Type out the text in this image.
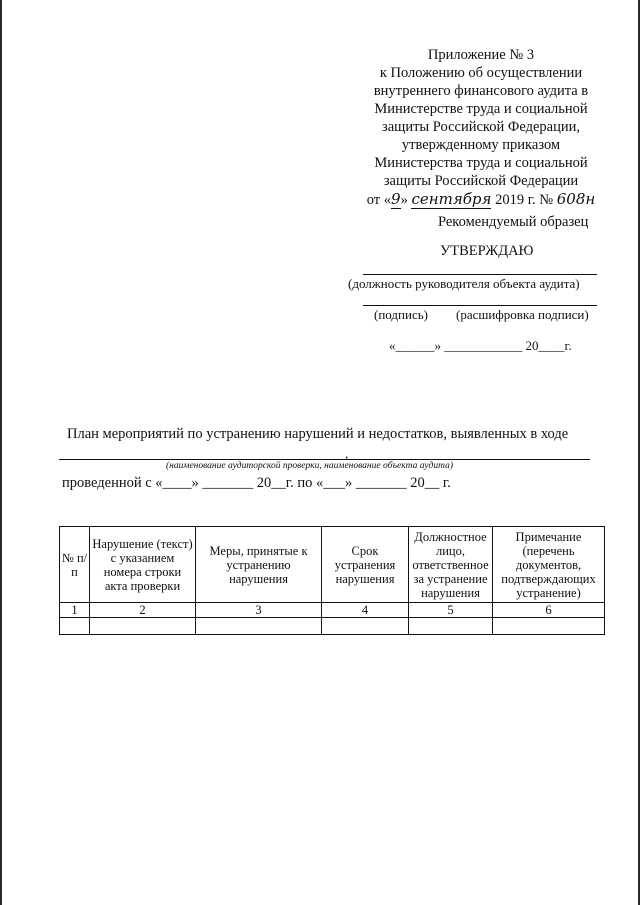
Приложение № 3
к Положению об осуществлении
внутреннего финансового аудита в
Министерстве труда и социальной
защиты Российской Федерации,
утвержденному приказом
Министерства труда и социальной
защиты Российской Федерации
от «9» сентября 2019 г. № 608н
Рекомендуемый образец
УТВЕРЖДАЮ
(должность руководителя объекта аудита)
(подпись) (расшифровка подписи)
«______» ____________ 20____г.
План мероприятий по устранению нарушений и недостатков, выявленных в ходе
,
(наименование аудиторской проверки, наименование объекта аудита)
проведенной с «____» _______ 20__г. по «___» _______ 20__ г.
№ п/п	Нарушение (текст) с указанием номера строки акта проверки	Меры, принятые к устранению нарушения	Срок устранения нарушения	Должностное лицо, ответственное за устранение нарушения	Примечание (перечень документов, подтверждающих устранение)
1	2	3	4	5	6
